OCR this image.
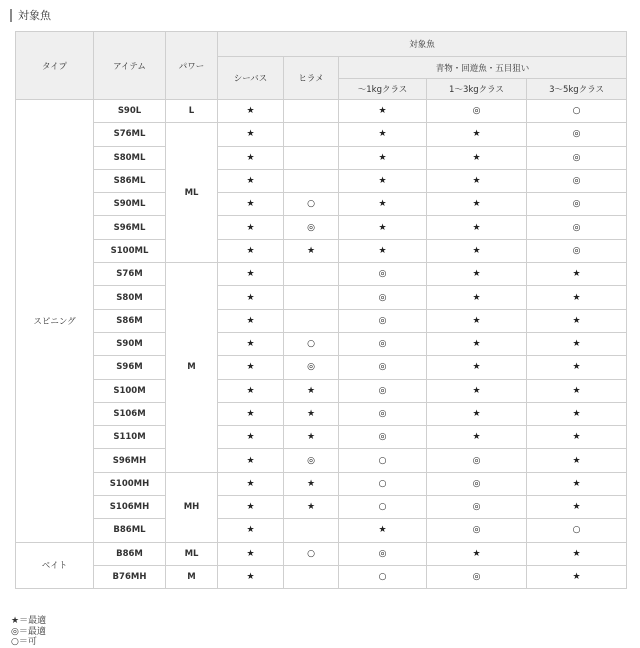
対象魚
タイプ	アイテム	パワー	対象魚				
			シーバス	ヒラメ	青物・回遊魚・五目狙い		
					～1kgクラス	1～3kgクラス	3～5kgクラス
スピニング	S90L	L	★		★	◎	○
	S76ML	ML	★		★	★	◎
	S80ML		★		★	★	◎
	S86ML		★		★	★	◎
	S90ML		★	○	★	★	◎
	S96ML		★	◎	★	★	◎
	S100ML		★	★	★	★	◎
	S76M	M	★		◎	★	★
	S80M		★		◎	★	★
	S86M		★		◎	★	★
	S90M		★	○	◎	★	★
	S96M		★	◎	◎	★	★
	S100M		★	★	◎	★	★
	S106M		★	★	◎	★	★
	S110M		★	★	◎	★	★
	S96MH		★	◎	○	◎	★
	S100MH	MH	★	★	○	◎	★
	S106MH		★	★	○	◎	★
	B86ML		★		★	◎	○
ベイト	B86M	ML	★	○	◎	★	★
	B76MH	M	★		○	◎	★
★＝最適
◎＝最適
○＝可
